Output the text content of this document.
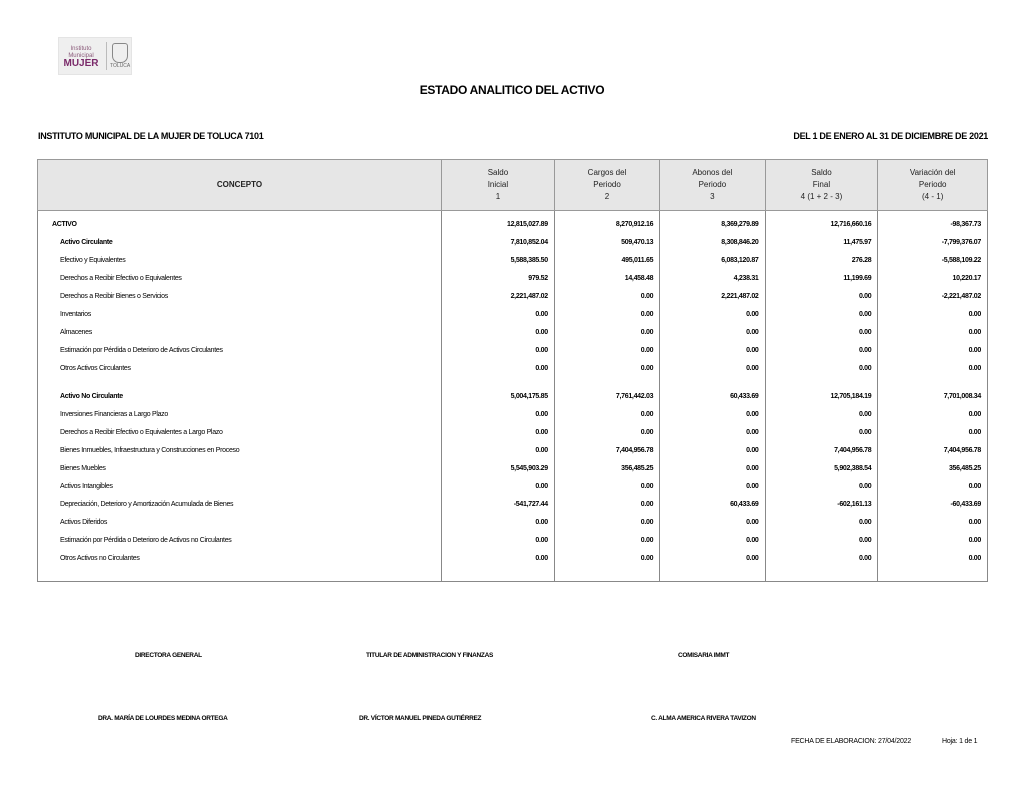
Instituto
Municipal
MUJER	TOLUCA
ESTADO ANALITICO DEL ACTIVO
INSTITUTO MUNICIPAL DE LA MUJER DE TOLUCA 7101	DEL 1 DE ENERO AL 31 DE DICIEMBRE DE 2021
CONCEPTO	
Saldo
Inicial
1

Cargos del
Periodo
2

Abonos del
Periodo
3

Saldo
Final
4 (1 + 2 - 3)

Variación del
Periodo
(4 - 1)

ACTIVO	12,815,027.89	8,270,912.16	8,369,279.89	12,716,660.16	-98,367.73
Activo Circulante	7,810,852.04	509,470.13	8,308,846.20	11,475.97	-7,799,376.07
Efectivo y Equivalentes	5,588,385.50	495,011.65	6,083,120.87	276.28	-5,588,109.22
Derechos a Recibir Efectivo o Equivalentes	979.52	14,458.48	4,238.31	11,199.69	10,220.17
Derechos a Recibir Bienes o Servicios	2,221,487.02	0.00	2,221,487.02	0.00	-2,221,487.02
Inventarios	0.00	0.00	0.00	0.00	0.00
Almacenes	0.00	0.00	0.00	0.00	0.00
Estimación por Pérdida o Deterioro de Activos Circulantes	0.00	0.00	0.00	0.00	0.00
Otros Activos Circulantes	0.00	0.00	0.00	0.00	0.00

Activo No Circulante	5,004,175.85	7,761,442.03	60,433.69	12,705,184.19	7,701,008.34
Inversiones Financieras a Largo Plazo	0.00	0.00	0.00	0.00	0.00
Derechos a Recibir Efectivo o Equivalentes a Largo Plazo	0.00	0.00	0.00	0.00	0.00
Bienes Inmuebles, Infraestructura y Construcciones en Proceso	0.00	7,404,956.78	0.00	7,404,956.78	7,404,956.78
Bienes Muebles	5,545,903.29	356,485.25	0.00	5,902,388.54	356,485.25
Activos Intangibles	0.00	0.00	0.00	0.00	0.00
Depreciación, Deterioro y Amortización Acumulada de Bienes	-541,727.44	0.00	60,433.69	-602,161.13	-60,433.69
Activos Diferidos	0.00	0.00	0.00	0.00	0.00
Estimación por Pérdida o Deterioro de Activos no Circulantes	0.00	0.00	0.00	0.00	0.00
Otros Activos no Circulantes	0.00	0.00	0.00	0.00	0.00

DIRECTORA GENERAL	TITULAR DE ADMINISTRACION Y FINANZAS	COMISARIA IMMT
DRA. MARÍA DE LOURDES MEDINA ORTEGA	DR. VÍCTOR MANUEL PINEDA GUTIÉRREZ	C. ALMA AMERICA RIVERA TAVIZON
FECHA DE ELABORACION: 27/04/2022	Hoja: 1 de 1
